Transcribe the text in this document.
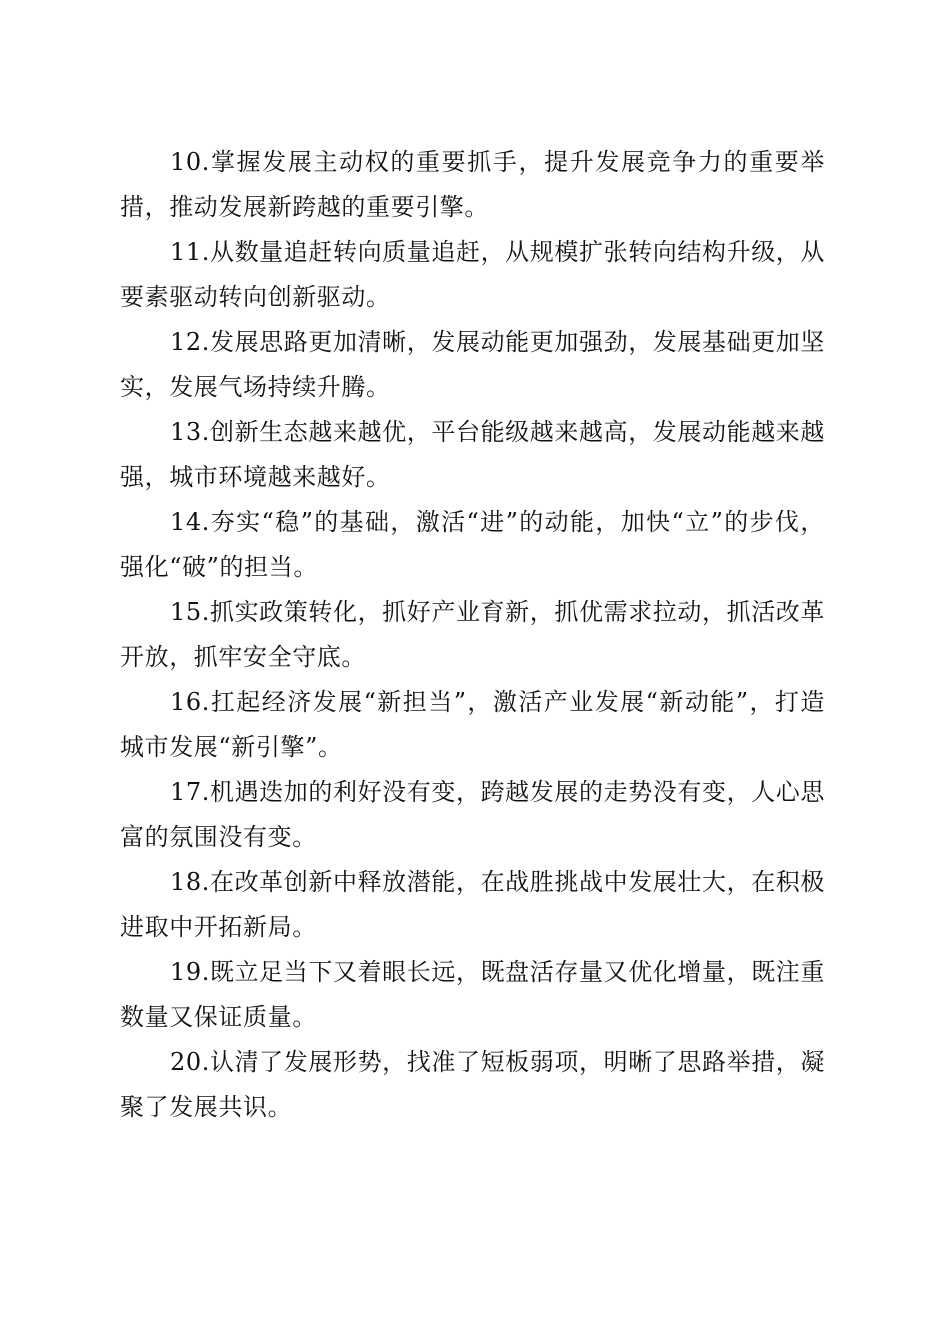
10.掌握发展主动权的重要抓手，提升发展竞争力的重要举措，推动发展新跨越的重要引擎。

11.从数量追赶转向质量追赶，从规模扩张转向结构升级，从要素驱动转向创新驱动。

12.发展思路更加清晰，发展动能更加强劲，发展基础更加坚实，发展气场持续升腾。

13.创新生态越来越优，平台能级越来越高，发展动能越来越强，城市环境越来越好。

14.夯实“稳”的基础，激活“进”的动能，加快“立”的步伐，强化“破”的担当。

15.抓实政策转化，抓好产业育新，抓优需求拉动，抓活改革开放，抓牢安全守底。

16.扛起经济发展“新担当”，激活产业发展“新动能”，打造城市发展“新引擎”。

17.机遇迭加的利好没有变，跨越发展的走势没有变，人心思富的氛围没有变。

18.在改革创新中释放潜能，在战胜挑战中发展壮大，在积极进取中开拓新局。

19.既立足当下又着眼长远，既盘活存量又优化增量，既注重数量又保证质量。

20.认清了发展形势，找准了短板弱项，明晰了思路举措，凝聚了发展共识。
